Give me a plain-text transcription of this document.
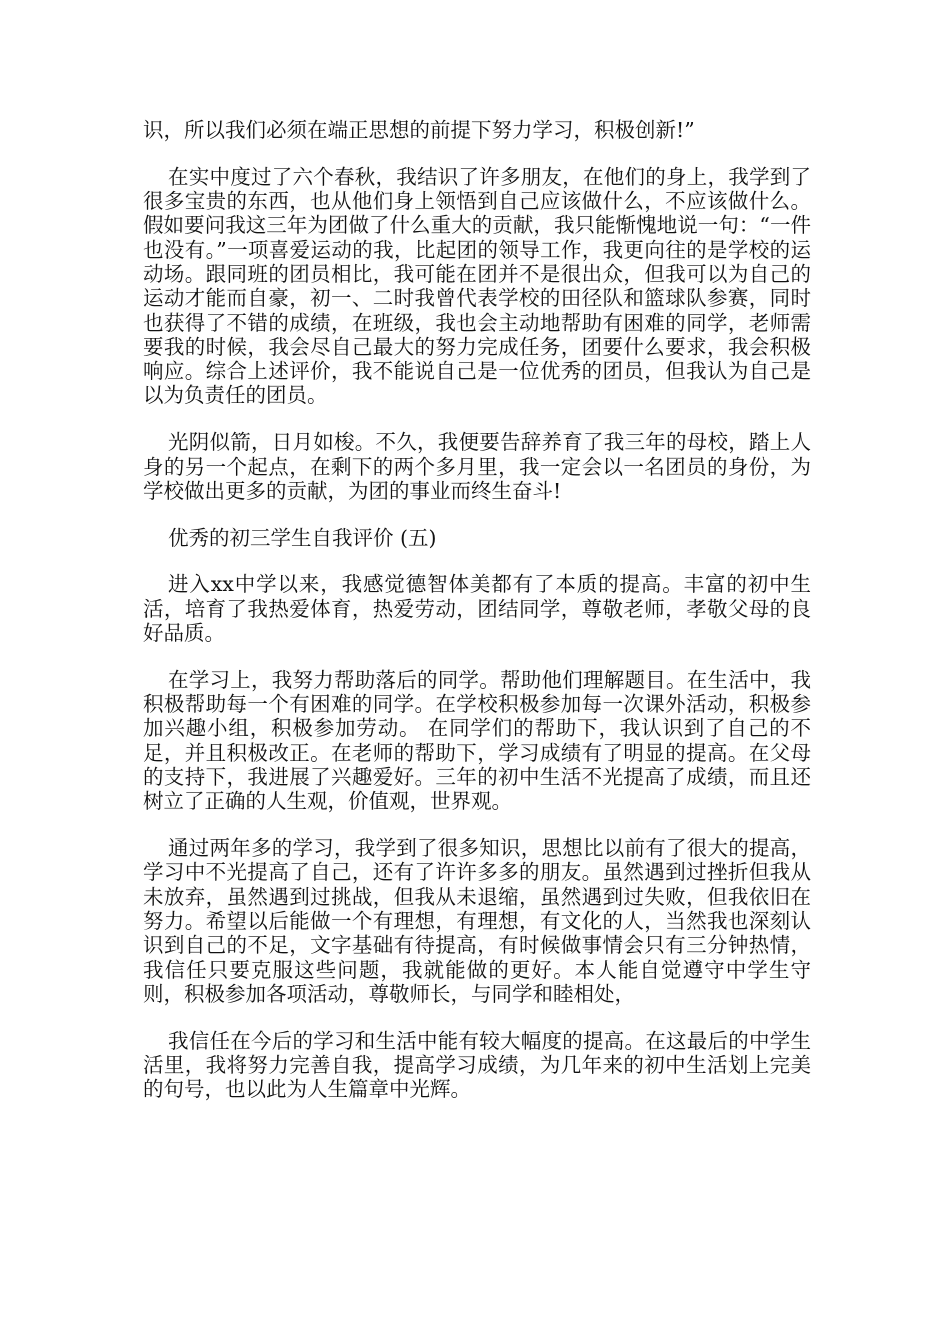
识，所以我们必须在端正思想的前提下努力学习，积极创新!”

在实中度过了六个春秋，我结识了许多朋友，在他们的身上，我学到了很多宝贵的东西，也从他们身上领悟到自己应该做什么，不应该做什么。假如要问我这三年为团做了什么重大的贡献，我只能惭愧地说一句：“一件也没有。”一项喜爱运动的我，比起团的领导工作，我更向往的是学校的运动场。跟同班的团员相比，我可能在团并不是很出众，但我可以为自己的运动才能而自豪，初一、二时我曾代表学校的田径队和篮球队参赛，同时也获得了不错的成绩，在班级，我也会主动地帮助有困难的同学，老师需要我的时候，我会尽自己最大的努力完成任务，团要什么要求，我会积极响应。综合上述评价，我不能说自己是一位优秀的团员，但我认为自己是以为负责任的团员。

光阴似箭，日月如梭。不久，我便要告辞养育了我三年的母校，踏上人身的另一个起点，在剩下的两个多月里，我一定会以一名团员的身份，为学校做出更多的贡献，为团的事业而终生奋斗!

优秀的初三学生自我评价 (五)

进入xx中学以来，我感觉德智体美都有了本质的提高。丰富的初中生活，培育了我热爱体育，热爱劳动，团结同学，尊敬老师，孝敬父母的良好品质。

在学习上，我努力帮助落后的同学。帮助他们理解题目。在生活中，我积极帮助每一个有困难的同学。在学校积极参加每一次课外活动，积极参加兴趣小组，积极参加劳动。 在同学们的帮助下，我认识到了自己的不足，并且积极改正。在老师的帮助下，学习成绩有了明显的提高。在父母的支持下，我进展了兴趣爱好。三年的初中生活不光提高了成绩，而且还树立了正确的人生观，价值观，世界观。

通过两年多的学习，我学到了很多知识，思想比以前有了很大的提高，学习中不光提高了自己，还有了许许多多的朋友。虽然遇到过挫折但我从未放弃，虽然遇到过挑战，但我从未退缩，虽然遇到过失败，但我依旧在努力。希望以后能做一个有理想，有理想，有文化的人，当然我也深刻认识到自己的不足，文字基础有待提高，有时候做事情会只有三分钟热情，我信任只要克服这些问题，我就能做的更好。本人能自觉遵守中学生守则，积极参加各项活动，尊敬师长，与同学和睦相处，

我信任在今后的学习和生活中能有较大幅度的提高。在这最后的中学生活里，我将努力完善自我，提高学习成绩，为几年来的初中生活划上完美的句号，也以此为人生篇章中光辉。
